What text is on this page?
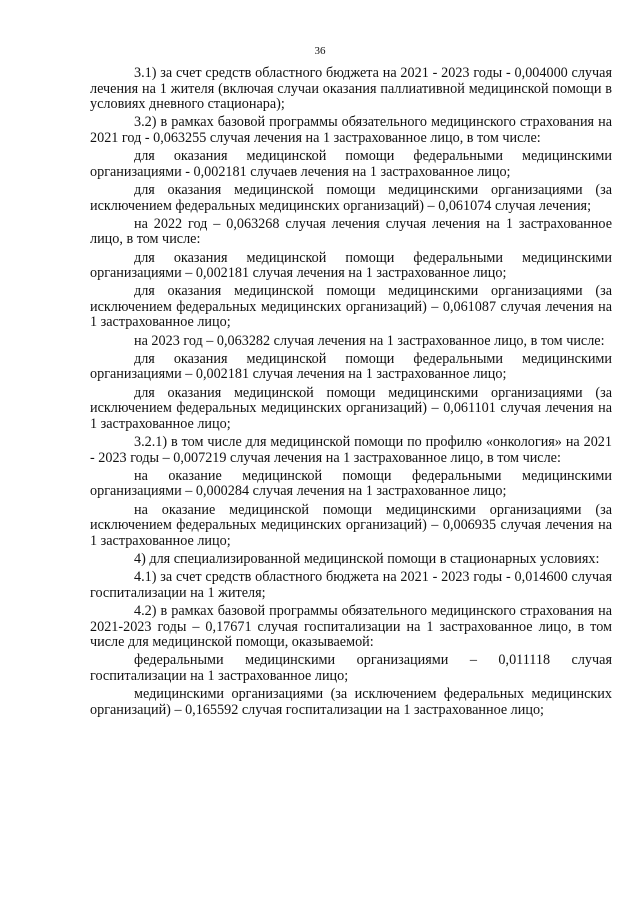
36

3.1) за счет средств областного бюджета на 2021 - 2023 годы - 0,004000 случая лечения на 1 жителя (включая случаи оказания паллиативной медицинской помощи в условиях дневного стационара);

3.2) в рамках базовой программы обязательного медицинского страхования на 2021 год - 0,063255 случая лечения на 1 застрахованное лицо, в том числе:

для оказания медицинской помощи федеральными медицинскими организациями - 0,002181 случаев лечения на 1 застрахованное лицо;

для оказания медицинской помощи медицинскими организациями (за исключением федеральных медицинских организаций) – 0,061074 случая лечения;

на 2022 год – 0,063268 случая лечения случая лечения на 1 застрахованное лицо, в том числе:

для оказания медицинской помощи федеральными медицинскими организациями – 0,002181 случая лечения на 1 застрахованное лицо;

для оказания медицинской помощи медицинскими организациями (за исключением федеральных медицинских организаций) – 0,061087 случая лечения на 1 застрахованное лицо;

на 2023 год – 0,063282 случая лечения на 1 застрахованное лицо, в том числе:

для оказания медицинской помощи федеральными медицинскими организациями – 0,002181 случая лечения на 1 застрахованное лицо;

для оказания медицинской помощи медицинскими организациями (за исключением федеральных медицинских организаций) – 0,061101 случая лечения на 1 застрахованное лицо;

3.2.1) в том числе для медицинской помощи по профилю «онкология» на 2021 - 2023 годы – 0,007219 случая лечения на 1 застрахованное лицо, в том числе:

на оказание медицинской помощи федеральными медицинскими организациями – 0,000284 случая лечения на 1 застрахованное лицо;

на оказание медицинской помощи медицинскими организациями (за исключением федеральных медицинских организаций) – 0,006935 случая лечения на 1 застрахованное лицо;

4) для специализированной медицинской помощи в стационарных условиях:

4.1) за счет средств областного бюджета на 2021 - 2023 годы - 0,014600 случая госпитализации на 1 жителя;

4.2) в рамках базовой программы обязательного медицинского страхования на 2021-2023 годы – 0,17671 случая госпитализации на 1 застрахованное лицо, в том числе для медицинской помощи, оказываемой:

федеральными медицинскими организациями – 0,011118 случая госпитализации на 1 застрахованное лицо;

медицинскими организациями (за исключением федеральных медицинских организаций) – 0,165592 случая госпитализации на 1 застрахованное лицо;
